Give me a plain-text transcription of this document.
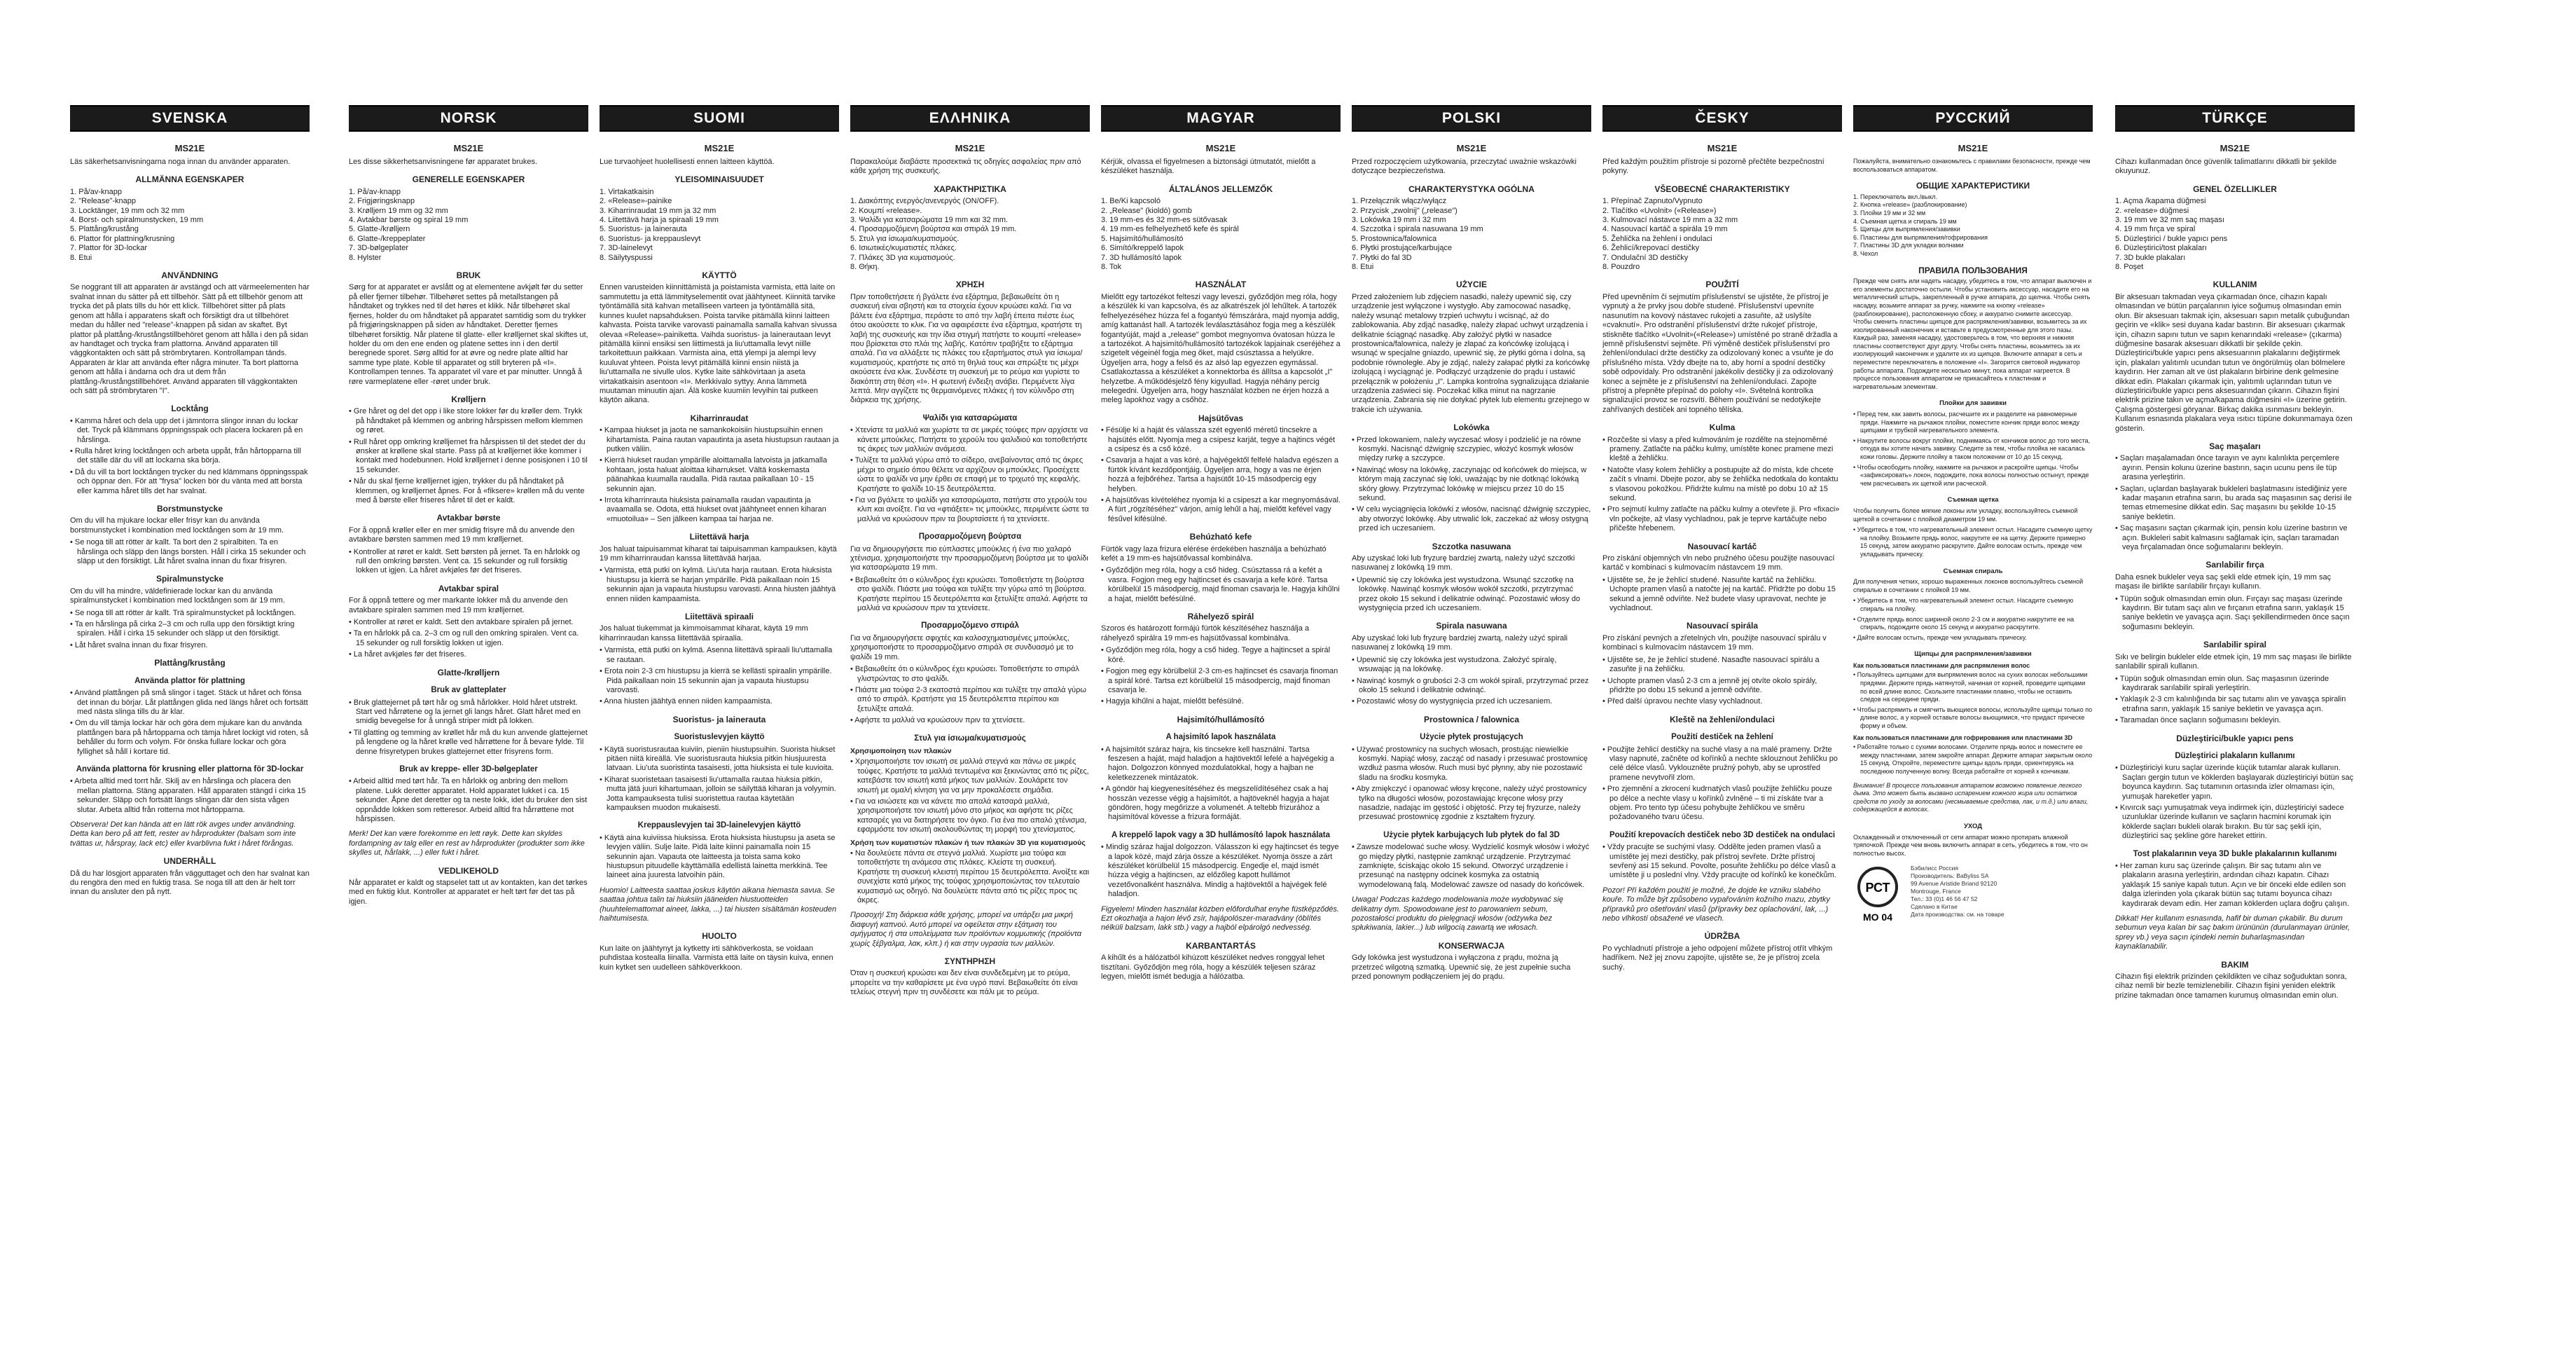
SVENSKA
MS21E
Läs säkerhetsanvisningarna noga innan du använder apparaten.
ALLMÄNNA EGENSKAPER
1. På/av-knapp
2. "Release"-knapp
3. Locktänger, 19 mm och 32 mm
4. Borst- och spiralmunstycken, 19 mm
5. Plattång/krustång
6. Plattor för plattning/krusning
7. Plattor för 3D-lockar
8. Etui
ANVÄNDNING
Se noggrant till att apparaten är avstängd och att värmeelementen har svalnat innan du sätter på ett tillbehör. Sätt på ett tillbehör genom att trycka det på plats tills du hör ett klick. Tillbehöret sitter på plats genom att hålla i apparatens skaft och försiktigt dra ut tillbehöret medan du håller ned "release"-knappen på sidan av skaftet. Byt plattor på plattång-/krustångstillbehöret genom att hålla i den på sidan av handtaget och trycka fram plattorna. Använd apparaten till väggkontakten och sätt på strömbrytaren. Kontrollampan tänds. Apparaten är klar att använda efter några minuter. Ta bort plattorna genom att hålla i ändarna och dra ut dem från plattång-/krustångstillbehöret. Använd apparaten till väggkontakten och sätt på strömbrytaren "I".
Locktång
• Kamma håret och dela upp det i jämntorra slingor innan du lockar det. Tryck på klämmans öppningsspak och placera lockaren på en hårslinga.
• Rulla håret kring locktången och arbeta uppåt, från hårtopparna till det ställe där du vill att lockarna ska börja.
• Då du vill ta bort locktången trycker du ned klämmans öppningsspak och öppnar den. För att "frysa" locken bör du vänta med att borsta eller kamma håret tills det har svalnat.
Borstmunstycke
Om du vill ha mjukare lockar eller frisyr kan du använda borstmunstycket i kombination med locktången som är 19 mm.
• Se noga till att rötter är kallt. Ta bort den 2 spiralbiten. Ta en hårslinga och släpp den längs borsten. Håll i cirka 15 sekunder och släpp ut den försiktigt. Låt håret svalna innan du fixar frisyren.
Spiralmunstycke
Om du vill ha mindre, väldefinierade lockar kan du använda spiralmunstycket i kombination med locktången som är 19 mm.
• Se noga till att rötter är kallt. Trä spiralmunstycket på locktången.
• Ta en hårslinga på cirka 2–3 cm och rulla upp den försiktigt kring spiralen. Håll i cirka 15 sekunder och släpp ut den försiktigt.
• Låt håret svalna innan du fixar frisyren.
Plattång/krustång
Använda plattor för plattning
• Använd plattången på små slingor i taget. Stäck ut håret och fönsa det innan du börjar. Låt plattången glida ned längs håret och fortsätt med nästa slinga tills du är klar.
• Om du vill tämja lockar här och göra dem mjukare kan du använda plattången bara på hårtopparna och tämja håret lockigt vid roten, så behåller du form och volym. För önska fullare lockar och göra fyllighet så håll i kortare tid.
Använda plattorna för krusning eller plattorna för 3D-lockar
• Arbeta alltid med torrt hår. Skilj av en hårslinga och placera den mellan plattorna. Stäng apparaten. Håll apparaten stängd i cirka 15 sekunder. Släpp och fortsätt längs slingan där den sista vågen slutar. Arbeta alltid från rotterna mot hårtopparna.
Observera! Det kan hända att en lätt rök avges under användning. Detta kan bero på att fett, rester av hårprodukter (balsam som inte tvättas ur, hårspray, lack etc) eller kvarblivna fukt i håret förångas.
UNDERHÅLL
Då du har lösgjort apparaten från vägguttaget och den har svalnat kan du rengöra den med en fuktig trasa. Se noga till att den är helt torr innan du ansluter den på nytt.
NORSK
MS21E
Les disse sikkerhetsanvisningene før apparatet brukes.
GENERELLE EGENSKAPER
1. På/av-knapp
2. Frigjøringsknapp
3. Krølljern 19 mm og 32 mm
4. Avtakbar børste og spiral 19 mm
5. Glatte-/krølljern
6. Glatte-/kreppeplater
7. 3D-bølgeplater
8. Hylster
BRUK
Sørg for at apparatet er avslått og at elementene avkjølt før du setter på eller fjerner tilbehør. Tilbehøret settes på metallstangen på håndtaket og trykkes ned til det høres et klikk. Når tilbehøret skal fjernes, holder du om håndtaket på apparatet samtidig som du trykker på frigjøringsknappen på siden av håndtaket. Deretter fjernes tilbehøret forsiktig. Når platene til glatte- eller krølljernet skal skiftes ut, holder du om den ene enden og platene settes inn i den dertil beregnede sporet. Sørg alltid for at øvre og nedre plate alltid har samme type plate. Koble til apparatet og still bryteren på «I». Kontrollampen tennes. Ta apparatet vil vare et par minutter. Unngå å røre varmeplatene eller -røret under bruk.
Krølljern
• Gre håret og del det opp i like store lokker før du krøller dem. Trykk på håndtaket på klemmen og anbring hårspissen mellom klemmen og røret.
• Rull håret opp omkring krølljernet fra hårspissen til det stedet der du ønsker at krøllene skal starte. Pass på at krølljernet ikke kommer i kontakt med hodebunnen. Hold krølljernet i denne posisjonen i 10 til 15 sekunder.
• Når du skal fjerne krølljernet igjen, trykker du på håndtaket på klemmen, og krølljernet åpnes. For å «fiksere» krøllen må du vente med å børste eller friseres håret til det er kaldt.
Avtakbar børste
For å oppnå krøller eller en mer smidig frisyre må du anvende den avtakbare børsten sammen med 19 mm krølljernet.
• Kontroller at røret er kaldt. Sett børsten på jernet. Ta en hårlokk og rull den omkring børsten. Vent ca. 15 sekunder og rull forsiktig lokken ut igjen. La håret avkjøles før det friseres.
Avtakbar spiral
For å oppnå tettere og mer markante lokker må du anvende den avtakbare spiralen sammen med 19 mm krølljernet.
• Kontroller at røret er kaldt. Sett den avtakbare spiralen på jernet.
• Ta en hårlokk på ca. 2–3 cm og rull den omkring spiralen. Vent ca. 15 sekunder og rull forsiktig lokken ut igjen.
• La håret avkjøles før det friseres.
Glatte-/krølljern
Bruk av glatteplater
• Bruk glattejernet på tørt hår og små hårlokker. Hold håret utstrekt. Start ved hårrøtene og la jernet gli langs håret. Glatt håret med en smidig bevegelse for å unngå striper midt på lokken.
• Til glatting og temming av krøllet hår må du kun anvende glattejernet på lengdene og la håret krølle ved hårrøttene for å bevare fylde. Til denne frisyretypen brukes glattejernet etter frisyrens form.
Bruk av kreppe- eller 3D-bølgeplater
• Arbeid alltid med tørt hår. Ta en hårlokk og anbring den mellom platene. Lukk deretter apparatet. Hold apparatet lukket i ca. 15 sekunder. Åpne det deretter og ta neste lokk, idet du bruker den sist oppnådde lokken som retteresor. Arbeid alltid fra hårrøttene mot hårspissen.
Merk! Det kan være forekomme en lett røyk. Dette kan skyldes fordampning av talg eller en rest av hårprodukter (produkter som ikke skylles ut, hårlakk, ...) eller fukt i håret.
VEDLIKEHOLD
Når apparatet er kaldt og stapselet tatt ut av kontakten, kan det tørkes med en fuktig klut. Kontroller at apparatet er helt tørt før det tas på igjen.
SUOMI
MS21E
Lue turvaohjeet huolellisesti ennen laitteen käyttöä.
YLEISOMINAISUUDET
1. Virtakatkaisin
2. «Release»-painike
3. Kiharrinraudat 19 mm ja 32 mm
4. Liitettävä harja ja spiraali 19 mm
5. Suoristus- ja lainerauta
6. Suoristus- ja kreppauslevyt
7. 3D-lainelevyt
8. Säilytyspussi
KÄYTTÖ
Ennen varusteiden kiinnittämistä ja poistamista varmista, että laite on sammutettu ja että lämmityselementit ovat jäähtyneet. Kiinnitä tarvike työntämällä sitä kahvan metalliseen varteen ja työntämällä sitä, kunnes kuulet napsahduksen. Poista tarvike pitämällä kiinni laitteen kahvasta. Poista tarvike varovasti painamalla samalla kahvan sivussa olevaa «Release»-painiketta. Vaihda suoristus- ja lainerautaan levyt pitämällä kiinni ensiksi sen liittimestä ja liu'uttamalla levyt niille tarkoitettuun paikkaan. Varmista aina, että ylempi ja alempi levy kuuluvat yhteen. Poista levyt pitämällä kiinni ensin niistä ja liu'uttamalla ne sivulle ulos. Kytke laite sähkövirtaan ja aseta virtakatkaisin asentoon «I». Merkkivalo syttyy. Anna lämmetä muutaman minuutin ajan. Älä koske kuumiin levyihin tai putkeen käytön aikana.
Kiharrinraudat
• Kampaa hiukset ja jaota ne samankokoisiin hiustupsuihin ennen kihartamista. Paina rautan vapautinta ja aseta hiustupsun rautaan ja putken väliin.
• Kierrä hiukset raudan ympärille aloittamalla latvoista ja jatkamalla kohtaan, josta haluat aloittaa kiharrukset. Vältä koskemasta päänahkaa kuumalla raudalla. Pidä rautaa paikallaan 10 - 15 sekunnin ajan.
• Irrota kiharrinrauta hiuksista painamalla raudan vapautinta ja avaamalla se. Odota, että hiukset ovat jäähtyneet ennen kiharan «muotoilua» – Sen jälkeen kampaa tai harjaa ne.
Liitettävä harja
Jos haluat taipuisammat kiharat tai taipuisamman kampauksen, käytä 19 mm kiharrinraudan kanssa liitettävää harjaa.
• Varmista, että putki on kylmä. Liu'uta harja rautaan. Erota hiuksista hiustupsu ja kierrä se harjan ympärille. Pidä paikallaan noin 15 sekunnin ajan ja vapauta hiustupsu varovasti. Anna hiusten jäähtyä ennen niiden kampaamista.
Liitettävä spiraali
Jos haluat tiukemmat ja kimmoisammat kiharat, käytä 19 mm kiharrinraudan kanssa liitettävää spiraalia.
• Varmista, että putki on kylmä. Asenna liitettävä spiraali liu'uttamalla se rautaan.
• Erota noin 2-3 cm hiustupsu ja kierrä se kellästi spiraalin ympärille. Pidä paikallaan noin 15 sekunnin ajan ja vapauta hiustupsu varovasti.
• Anna hiusten jäähtyä ennen niiden kampaamista.
Suoristus- ja lainerauta
Suoristuslevyjen käyttö
• Käytä suoristusrautaa kuiviin, pieniin hiustupsuihin. Suorista hiukset pitäen niitä kireällä. Vie suoristusrauta hiuksia pitkin hiusjuuresta latvaan. Liu'uta suoristinta tasaisesti, jotta hiuksista ei tule kuvioita.
• Kiharat suoristetaan tasaisesti liu'uttamalla rautaa hiuksia pitkin, mutta jätä juuri kihartumaan, jolloin se säilyttää kiharan ja volyymin. Jotta kampauksesta tulisi suoristettua rautaa käytetään kampauksen muodon mukaisesti.
Kreppauslevyjen tai 3D-lainelevyjen käyttö
• Käytä aina kuiviissa hiuksissa. Erota hiuksista hiustupsu ja aseta se levyjen väliin. Sulje laite. Pidä laite kiinni painamalla noin 15 sekunnin ajan. Vapauta ote laitteesta ja toista sama koko hiustupsun pituudelle käyttämällä edellistä lainetta merkkinä. Tee laineet aina juuresta latvoihin päin.
Huomio! Laitteesta saattaa joskus käytön aikana hiemasta savua. Se saattaa johtua talin tai hiuksiin jääneiden hiustuotteiden (huuhtelemattomat aineet, lakka, ...) tai hiusten sisältämän kosteuden haihtumisesta.
HUOLTO
Kun laite on jäähtynyt ja kytketty irti sähköverkosta, se voidaan puhdistaa kostealla liinalla. Varmista että laite on täysin kuiva, ennen kuin kytket sen uudelleen sähköverkkoon.
ΕΛΛΗΝΙΚΑ
MS21E
Παρακαλούμε διαβάστε προσεκτικά τις οδηγίες ασφαλείας πριν από κάθε χρήση της συσκευής.
ΧΑΡΑΚΤΗΡΙΣΤΙΚΑ
1. Διακόπτης ενεργός/ανενεργός (ON/OFF).
2. Κουμπί «release».
3. Ψαλίδι για κατσαρώματα 19 mm και 32 mm.
4. Προσαρμοζόμενη βούρτσα και σπιράλ 19 mm.
5. Στυλ για ίσιωμα/κυματισμούς.
6. Ισιωτικές/κυματιστές πλάκες.
7. Πλάκες 3D για κυματισμούς.
8. Θήκη.
ΧΡΗΣΗ
Πριν τοποθετήσετε ή βγάλετε ένα εξάρτημα, βεβαιωθείτε ότι η συσκευή είναι σβηστή και τα στοιχεία έχουν κρυώσει καλά. Για να βάλετε ένα εξάρτημα, περάστε το από την λαβή έπειτα πιέστε έως ότου ακούσετε το κλικ. Για να αφαιρέσετε ένα εξάρτημα, κρατήστε τη λαβή της συσκευής και την ίδια στιγμή πατήστε το κουμπί «release» που βρίσκεται στο πλάι της λαβής. Κατόπιν τραβήξτε το εξάρτημα απαλά. Για να αλλάξετε τις πλάκες του εξαρτήματος στυλ για ίσιωμα/κυματισμούς, κρατήστε τις από τη θηλιά τους και σπρώξτε τις μέχρι ακούσετε ένα κλικ. Συνδέστε τη συσκευή με το ρεύμα και γυρίστε το διακόπτη στη θέση «I». Η φωτεινή ένδειξη ανάβει. Περιμένετε λίγα λεπτά. Μην αγγίζετε τις θερμαινόμενες πλάκες ή τον κύλινδρο στη διάρκεια της χρήσης.
Ψαλίδι για κατσαρώματα
• Χτενίστε τα μαλλιά και χωρίστε τα σε μικρές τούφες πριν αρχίσετε να κάνετε μπούκλες. Πατήστε το χερούλι του ψαλιδιού και τοποθετήστε τις άκρες των μαλλιών ανάμεσα.
• Τυλίξτε τα μαλλιά γύρω από το σίδερο, ανεβαίνοντας από τις άκρες μέχρι το σημείο όπου θέλετε να αρχίζουν οι μπούκλες. Προσέχετε ώστε το ψαλίδι να μην έρθει σε επαφή με το τριχωτό της κεφαλής. Κρατήστε το ψαλίδι 10-15 δευτερόλεπτα.
• Για να βγάλετε το ψαλίδι για κατσαρώματα, πατήστε στο χερούλι του κλιπ και ανοίξτε. Για να «φτιάξετε» τις μπούκλες, περιμένετε ώστε τα μαλλιά να κρυώσουν πριν τα βουρτσίσετε ή τα χτενίσετε.
Προσαρμοζόμενη βούρτσα
Για να δημιουργήσετε πιο εύπλαστες μπούκλες ή ένα πιο χαλαρό χτένισμα, χρησιμοποιήστε την προσαρμοζόμενη βούρτσα με το ψαλίδι για κατσαρώματα 19 mm.
• Βεβαιωθείτε ότι ο κύλινδρος έχει κρυώσει. Τοποθετήστε τη βούρτσα στο ψαλίδι. Πιάστε μια τούφα και τυλίξτε την γύρω από τη βούρτσα. Κρατήστε περίπου 15 δευτερόλεπτα και ξετυλίξτε απαλά. Αφήστε τα μαλλιά να κρυώσουν πριν τα χτενίσετε.
Προσαρμοζόμενο σπιράλ
Για να δημιουργήσετε σφιχτές και καλοσχηματισμένες μπούκλες, χρησιμοποιήστε το προσαρμοζόμενο σπιράλ σε συνδυασμό με το ψαλίδι 19 mm.
• Βεβαιωθείτε ότι ο κύλινδρος έχει κρυώσει. Τοποθετήστε το σπιράλ γλιστρώντας το στο ψαλίδι.
• Πιάστε μια τούφα 2-3 εκατοστά περίπου και τυλίξτε την απαλά γύρω από το σπιράλ. Κρατήστε για 15 δευτερόλεπτα περίπου και ξετυλίξτε απαλά.
• Αφήστε τα μαλλιά να κρυώσουν πριν τα χτενίσετε.
Στυλ για ίσιωμα/κυματισμούς
Χρησιμοποίηση των πλακών
• Χρησιμοποιήστε τον ισιωτή σε μαλλιά στεγνά και πάνω σε μικρές τούφες. Κρατήστε τα μαλλιά τεντωμένα και ξεκινώντας από τις ρίζες, κατεβάστε τον ισιωτή κατά μήκος των μαλλιών. Σουλάρετε τον ισιωτή με ομαλή κίνηση για να μην προκαλέσετε σημάδια.
• Για να ισιώσετε και να κάνετε πιο απαλά κατσαρά μαλλιά, χρησιμοποιήστε τον ισιωτή μόνο στο μήκος και αφήστε τις ρίζες κατσαρές για να διατηρήσετε τον όγκο. Για ένα πιο απαλό χτένισμα, εφαρμόστε τον ισιωτή ακολουθώντας τη μορφή του χτενίσματος.
Χρήση των κυματιστών πλακών ή των πλακών 3D για κυματισμούς
• Να δουλεύετε πάντα σε στεγνά μαλλιά. Χωρίστε μια τούφα και τοποθετήστε τη ανάμεσα στις πλάκες. Κλείστε τη συσκευή. Κρατήστε τη συσκευή κλειστή περίπου 15 δευτερόλεπτα. Ανοίξτε και συνεχίστε κατά μήκος της τούφας χρησιμοποιώντας τον τελευταίο κυματισμό ως οδηγό. Να δουλεύετε πάντα από τις ρίζες προς τις άκρες.
Προσοχή! Στη διάρκεια κάθε χρήσης, μπορεί να υπάρξει μια μικρή διαφυγή καπνού. Αυτό μπορεί να οφείλεται στην εξάτμιση του σμήγματος ή στα υπολείμματα των προϊόντων κομμωτικής (προϊόντα χωρίς ξέβγαλμα, λακ, κλπ.) ή και στην υγρασία των μαλλιών.
ΣΥΝΤΗΡΗΣΗ
Όταν η συσκευή κρυώσει και δεν είναι συνδεδεμένη με το ρεύμα, μπορείτε να την καθαρίσετε με ένα υγρό πανί. Βεβαιωθείτε ότι είναι τελείως στεγνή πριν τη συνδέσετε και πάλι με το ρεύμα.
MAGYAR
MS21E
Kérjük, olvassa el figyelmesen a biztonsági útmutatót, mielőtt a készüléket használja.
ÁLTALÁNOS JELLEMZŐK
1. Be/Ki kapcsoló
2. „Release" (kioldó) gomb
3. 19 mm-es és 32 mm-es sütővasak
4. 19 mm-es felhelyezhető kefe és spirál
5. Hajsimító/hullámosító
6. Simító/kreppelő lapok
7. 3D hullámosító lapok
8. Tok
HASZNÁLAT
Mielőtt egy tartozékot felteszi vagy leveszi, győződjön meg róla, hogy a készülék ki van kapcsolva, és az alkatrészek jól lehűltek. A tartozék felhelyezéséhez húzza fel a fogantyú fémszárára, majd nyomja addig, amíg kattanást hall. A tartozék leválasztásához fogja meg a készülék fogantyúját, majd a „release" gombot megnyomva óvatosan húzza le a tartozékot. A hajsimító/hullámosító tartozékok lapjainak cseréjéhez a szigetelt végeinél fogja meg őket, majd csúsztassa a helyükre. Ügyeljen arra, hogy a felső és az alsó lap egyezzen egymással. Csatlakoztassa a készüléket a konnektorba és állítsa a kapcsolót „I" helyzetbe. A működésjelző fény kigyullad. Hagyja néhány percig melegedni. Ügyeljen arra, hogy használat közben ne érjen hozzá a meleg lapokhoz vagy a csőhöz.
Hajsütővas
• Fésülje ki a haját és válassza szét egyenlő méretű tincsekre a hajsütés előtt. Nyomja meg a csipesz karját, tegye a hajtincs végét a csipesz és a cső közé.
• Csavarja a hajat a vas köré, a hajvégektől felfelé haladva egészen a fürtök kívánt kezdőpontjáig. Ügyeljen arra, hogy a vas ne érjen hozzá a fejbőréhez. Tartsa a hajsütőt 10-15 másodpercig egy helyben.
• A hajsütővas kivételéhez nyomja ki a csipeszt a kar megnyomásával. A fürt „rögzítéséhez" várjon, amíg lehűl a haj, mielőtt kefével vagy fésűvel kifésülné.
Behúzható kefe
Fürtök vagy laza frizura elérése érdekében használja a behúzható kefét a 19 mm-es hajsütővassal kombinálva.
• Győződjön meg róla, hogy a cső hideg. Csúsztassa rá a kefét a vasra. Fogjon meg egy hajtincset és csavarja a kefe köré. Tartsa körülbelül 15 másodpercig, majd finoman csavarja le. Hagyja kihűlni a hajat, mielőtt befésülné.
Ráhelyező spirál
Szoros és határozott formájú fürtök készítéséhez használja a ráhelyező spirálra 19 mm-es hajsütővassal kombinálva.
• Győződjön meg róla, hogy a cső hideg. Tegye a hajtincset a spirál köré.
• Fogjon meg egy körülbelül 2-3 cm-es hajtincset és csavarja finoman a spirál köré. Tartsa ezt körülbelül 15 másodpercig, majd finoman csavarja le.
• Hagyja kihűlni a hajat, mielőtt befésülné.
Hajsimító/hullámosító
A hajsimító lapok használata
• A hajsimítót száraz hajra, kis tincsekre kell használni. Tartsa feszesen a haját, majd haladjon a hajtövektől lefelé a hajvégekig a hajon. Dolgozzon könnyed mozdulatokkal, hogy a hajban ne keletkezzenek mintázatok.
• A göndör haj kiegyenesítéséhez és megszelídítéséhez csak a haj hosszán vezesse végig a hajsimítót, a hajtöveknél hagyja a hajat göndören, hogy megőrizze a volumenét. A teltebb frizurához a hajsimítóval kövesse a frizura formáját.
A kreppelő lapok vagy a 3D hullámosító lapok használata
• Mindig száraz hajjal dolgozzon. Válasszon ki egy hajtincset és tegye a lapok közé, majd zárja össze a készüléket. Nyomja össze a zárt készüléket körülbelül 15 másodpercig. Engedje el, majd ismét húzza végig a hajtincsen, az előzőleg kapott hullámot vezetővonalként használva. Mindig a hajtövektől a hajvégek felé haladjon.
Figyelem! Minden használat közben előfordulhat enyhe füstképződés. Ezt okozhatja a hajon lévő zsír, hajápolószer-maradvány (öblítés nélküli balzsam, lakk stb.) vagy a hajból elpárolgó nedvesség.
KARBANTARTÁS
A kihűlt és a hálózatból kihúzott készüléket nedves ronggyal lehet tisztítani. Győződjön meg róla, hogy a készülék teljesen száraz legyen, mielőtt ismét bedugja a hálózatba.
POLSKI
MS21E
Przed rozpoczęciem użytkowania, przeczytać uważnie wskazówki dotyczące bezpieczeństwa.
CHARAKTERYSTYKA OGÓLNA
1. Przełącznik włącz/wyłącz
2. Przycisk „zwolnij" („release")
3. Lokówka 19 mm i 32 mm
4. Szczotka i spirala nasuwana 19 mm
5. Prostownica/falownica
6. Płytki prostujące/karbujące
7. Płytki do fal 3D
8. Etui
UŻYCIE
Przed założeniem lub zdjęciem nasadki, należy upewnić się, czy urządzenie jest wyłączone i wystygło. Aby zamocować nasadkę, należy wsunąć metalowy trzpień uchwytu i wcisnąć, aż do zablokowania. Aby zdjąć nasadkę, należy złapać uchwyt urządzenia i delikatnie ściągnąć nasadkę. Aby założyć płytki w nasadce prostownica/falownica, należy je złapać za końcówkę izolującą i wsunąć w specjalne gniazdo, upewnić się, że płytki górna i dolna, są podobnie równoległe. Aby je zdjąć, należy załapać płytki za końcówkę izolującą i wyciągnąć je. Podłączyć urządzenie do prądu i ustawić przełącznik w położeniu „I". Lampka kontrolna sygnalizująca działanie urządzenia zaświeci się. Poczekać kilka minut na nagrzanie urządzenia. Zabrania się nie dotykać płytek lub elementu grzejnego w trakcie ich używania.
Lokówka
• Przed lokowaniem, należy wyczesać włosy i podzielić je na równe kosmyki. Nacisnąć dźwignię szczypiec, włożyć kosmyk włosów między rurkę a szczypce.
• Nawinąć włosy na lokówkę, zaczynając od końcówek do miejsca, w którym mają zaczynać się loki, uważając by nie dotknąć lokówką skóry głowy. Przytrzymać lokówkę w miejscu przez 10 do 15 sekund.
• W celu wyciągnięcia lokówki z włosów, nacisnąć dźwignię szczypiec, aby otworzyć lokówkę. Aby utrwalić lok, zaczekać aż włosy ostygną przed ich uczesaniem.
Szczotka nasuwana
Aby uzyskać loki lub fryzurę bardziej zwartą, należy użyć szczotki nasuwanej z lokówką 19 mm.
• Upewnić się czy lokówka jest wystudzona. Wsunąć szczotkę na lokówkę. Nawinąć kosmyk włosów wokół szczotki, przytrzymać przez około 15 sekund i delikatnie odwinąć. Pozostawić włosy do wystygnięcia przed ich uczesaniem.
Spirala nasuwana
Aby uzyskać loki lub fryzurę bardziej zwartą, należy użyć spirali nasuwanej z lokówką 19 mm.
• Upewnić się czy lokówka jest wystudzona. Założyć spiralę, wsuwając ją na lokówkę.
• Nawinąć kosmyk o grubości 2-3 cm wokół spirali, przytrzymać przez około 15 sekund i delikatnie odwinąć.
• Pozostawić włosy do wystygnięcia przed ich uczesaniem.
Prostownica / falownica
Użycie płytek prostujących
• Używać prostownicy na suchych włosach, prostując niewielkie kosmyki. Napiąć włosy, zacząć od nasady i przesuwać prostownicę wzdłuż pasma włosów. Ruch musi być płynny, aby nie pozostawić śladu na środku kosmyka.
• Aby zmiękczyć i opanować włosy kręcone, należy użyć prostownicy tylko na długości włosów, pozostawiając kręcone włosy przy nasadzie, nadając im gęstość i objętość. Przy tej fryzurze, należy przesuwać prostownicę zgodnie z kształtem fryzury.
Użycie płytek karbujących lub płytek do fal 3D
• Zawsze modelować suche włosy. Wydzielić kosmyk włosów i włożyć go między płytki, następnie zamknąć urządzenie. Przytrzymać zamknięte, ściskając około 15 sekund. Otworzyć urządzenie i przesunąć na następny odcinek kosmyka za ostatnią wymodelowaną falą. Modelować zawsze od nasady do końcówek.
Uwaga! Podczas każdego modelowania może wydobywać się delikatny dym. Spowodowane jest to parowaniem sebum, pozostałości produktu do pielęgnacji włosów (odżywka bez spłukiwania, lakier...) lub wilgocią zawartą we włosach.
KONSERWACJA
Gdy lokówka jest wystudzona i wyłączona z prądu, można ją przetrzeć wilgotną szmatką. Upewnić się, że jest zupełnie sucha przed ponownym podłączeniem jej do prądu.
ČESKY
MS21E
Před každým použitím přístroje si pozorně přečtěte bezpečnostní pokyny.
VŠEOBECNÉ CHARAKTERISTIKY
1. Přepínač Zapnuto/Vypnuto
2. Tlačítko «Uvolnit» («Release»)
3. Kulmovací nástavce 19 mm a 32 mm
4. Nasouvací kartáč a spirála 19 mm
5. Žehlička na žehlení i ondulaci
6. Žehlicí/krepovací destičky
7. Ondulační 3D destičky
8. Pouzdro
POUŽITÍ
Před upevněním či sejmutím příslušenství se ujistěte, že přístroj je vypnutý a že prvky jsou dobře studené. Příslušenství upevníte nasunutím na kovový nástavec rukojeti a zasuňte, až uslyšíte «cvaknutí». Pro odstranění příslušenství držte rukojeť přístroje, stiskněte tlačítko «Uvolnit»(«Release») umístěné po straně držadla a jemně příslušenství sejměte. Při výměně destiček příslušenství pro žehlení/ondulaci držte destičky za odizolovaný konec a vsuňte je do příslušného místa. Vždy dbejte na to, aby horní a spodní destičky sobě odpovídaly. Pro odstranění jakékoliv destičky ji za odizolovaný konec a sejměte je z příslušenství na žehlení/ondulaci. Zapojte přístroj a přepněte přepínač do polohy «I». Světelná kontrolka signalizující provoz se rozsvítí. Během používání se nedotýkejte zahřívaných destiček ani topného tělíska.
Kulma
• Rozčešte si vlasy a před kulmováním je rozdělte na stejnoměrné prameny. Zatlačte na páčku kulmy, umístěte konec pramene mezi kleště a žehličku.
• Natočte vlasy kolem žehličky a postupujte až do místa, kde chcete začít s vlnami. Dbejte pozor, aby se žehlička nedotkala do kontaktu s vlasovou pokožkou. Přidržte kulmu na místě po dobu 10 až 15 sekund.
• Pro sejmutí kulmy zatlačte na páčku kulmy a otevřete ji. Pro «fixaci» vln počkejte, až vlasy vychladnou, pak je teprve kartáčujte nebo přičešte hřebenem.
Nasouvací kartáč
Pro získání objemných vln nebo pružného účesu použijte nasouvací kartáč v kombinaci s kulmovacím nástavcem 19 mm.
• Ujistěte se, že je žehlicí studené. Nasuňte kartáč na žehličku. Uchopte pramen vlasů a natočte jej na kartáč. Přidržte po dobu 15 sekund a jemně odvíňte. Než budete vlasy upravovat, nechte je vychladnout.
Nasouvací spirála
Pro získání pevných a zřetelných vln, použijte nasouvací spirálu v kombinaci s kulmovacím nástavcem 19 mm.
• Ujistěte se, že je žehlicí studené. Nasaďte nasouvací spirálu a zasuňte ji na žehličku.
• Uchopte pramen vlasů 2-3 cm a jemně jej otvíte okolo spirály, přidržte po dobu 15 sekund a jemně odvíňte.
• Před další úpravou nechte vlasy vychladnout.
Kleště na žehlení/ondulaci
Použití destiček na žehlení
• Použijte žehlicí destičky na suché vlasy a na malé prameny. Držte vlasy napnuté, začněte od kořínků a nechte sklouznout žehličku po celé délce vlasů. Vyklouzněte pružný pohyb, aby se uprostřed pramene nevytvořil zlom.
• Pro zjemnění a zkrocení kudrnatých vlasů použijte žehličku pouze po délce a nechte vlasy u kořínků zvlněné – ti mi získáte tvar a objem. Pro tento typ účesu pohybujte žehličkou ve směru požadovaného tvaru účesu.
Použití krepovacích destiček nebo 3D destiček na ondulaci
• Vždy pracujte se suchými vlasy. Oddělte jeden pramen vlasů a umístěte jej mezi destičky, pak přístroj sevřete. Držte přístroj sevřený asi 15 sekund. Povolte, posuňte žehličku po délce vlasů a umístěte ji u poslední vlny. Vždy pracujte od kořínků ke konečkům.
Pozor! Při každém použití je možné, že dojde ke vzniku slabého kouře. To může být způsobeno vypařováním kožního mazu, zbytky přípravků pro ošetřování vlasů (přípravky bez oplachování, lak, ...) nebo vlhkostí obsažené ve vlasech.
ÚDRŽBA
Po vychladnutí přístroje a jeho odpojení můžete přístroj otřít vlhkým hadříkem. Než jej znovu zapojíte, ujistěte se, že je přístroj zcela suchý.
РУССКИЙ
MS21E
Пожалуйста, внимательно ознакомьтесь с правилами безопасности, прежде чем воспользоваться аппаратом.
ОБЩИЕ ХАРАКТЕРИСТИКИ
1. Переключатель вкл./выкл.
2. Кнопка «release» (разблокирование)
3. Плойки 19 мм и 32 мм
4. Съемная щетка и спираль 19 мм
5. Щипцы для выпрямления/завивки
6. Пластины для выпрямления/гофрирования
7. Пластины 3D для укладки волнами
8. Чехол
ПРАВИЛА ПОЛЬЗОВАНИЯ
Прежде чем снять или надеть насадку, убедитесь в том, что аппарат выключен и его элементы достаточно остыли. Чтобы установить аксессуар, насадите его на металлический штырь, закрепленный в ручке аппарата, до щелчка. Чтобы снять насадку, возьмите аппарат за ручку, нажмите на кнопку «release» (разблокирование), расположенную сбоку, и аккуратно снимите аксессуар. Чтобы сменить пластины щипцов для распрямления/завивки, возьмитесь за их изолированный наконечник и вставьте в предусмотренные для этого пазы. Каждый раз, заменяя насадку, удостоверьтесь в том, что верхняя и нижняя пластины соответствуют друг другу. Чтобы снять пластины, возьмитесь за их изолирующий наконечник и удалите их из щипцов. Включите аппарат в сеть и переместите переключатель в положение «I». Загорится световой индикатор работы аппарата. Подождите несколько минут, пока аппарат нагреется. В процессе пользования аппаратом не прикасайтесь к пластинам и нагревательным элементам.
Плойки для завивки
• Перед тем, как завить волосы, расчешите их и разделите на равномерные пряди. Нажмите на рычажок плойки, поместите кончик пряди волос между щипцами и трубкой нагревательного элемента.
• Накрутите волосы вокруг плойки, поднимаясь от кончиков волос до того места, откуда вы хотите начать завивку. Следите за тем, чтобы плойка не касалась кожи головы. Держите плойку в таком положении от 10 до 15 секунд.
• Чтобы освободить плойку, нажмите на рычажок и раскройте щипцы. Чтобы «зафиксировать» локон, подождите, пока волосы полностью остынут, прежде чем расчесывать их щеткой или расческой.
Съемная щетка
Чтобы получить более мягкие локоны или укладку, воспользуйтесь съемной щеткой в сочетании с плойкой диаметром 19 мм.
• Убедитесь в том, что нагревательный элемент остыл. Насадите съемную щетку на плойку. Возьмите прядь волос, накрутите ее на щетку. Держите примерно 15 секунд, затем аккуратно раскрутите. Дайте волосам остыть, прежде чем укладывать прическу.
Съемная спираль
Для получения четких, хорошо выраженных локонов воспользуйтесь съемной спиралью в сочетании с плойкой 19 мм.
• Убедитесь в том, что нагревательный элемент остыл. Насадите съемную спираль на плойку.
• Отделите прядь волос шириной около 2-3 см и аккуратно накрутите ее на спираль, подождите около 15 секунд и аккуратно раскрутите.
• Дайте волосам остыть, прежде чем укладывать прическу.
Щипцы для распрямления/завивки
Как пользоваться пластинами для распрямления волос
• Пользуйтесь щипцами для выпрямления волос на сухих волосах небольшими прядями. Держите прядь натянутой, начиная от корней, проведите щипцами по всей длине волос. Скользите пластинами плавно, чтобы не оставить следов на середине пряди.
• Чтобы распрямить и смягчить вьющиеся волосы, используйте щипцы только по длине волос, а у корней оставьте волосы вьющимися, что придаст прическе форму и объем.
Как пользоваться пластинами для гофрирования или пластинами 3D
• Работайте только с сухими волосами. Отделите прядь волос и поместите ее между пластинами, затем закройте аппарат. Держите аппарат закрытым около 15 секунд. Откройте, переместите щипцы вдоль пряди, ориентируясь на последнюю полученную волну. Всегда работайте от корней к кончикам.
Внимание! В процессе пользования аппаратом возможно появление легкого дыма. Это может быть вызвано испарением кожного жира или остатков средств по уходу за волосами (несмываемые средства, лак, и т.д.) или влаги, содержащейся в волосах.
УХОД
Охлажденный и отключенный от сети аппарат можно протирать влажной тряпочкой. Прежде чем вновь включить аппарат в сеть, убедитесь в том, что он полностью высох.
РСТ
МО 04
Бэбилисс Россия
Производитель: BaByliss SA
99 Avenue Aristide Briand 92120
Montrouge, France
Тел.: 33 (0)1 46 56 47 52
Сделано в Китае
Дата производства: см. на товаре
TÜRKÇE
MS21E
Cihazı kullanmadan önce güvenlik talimatlarını dikkatli bir şekilde okuyunuz.
GENEL ÖZELLIKLER
1. Açma /kapama düğmesi
2. «release» düğmesi
3. 19 mm ve 32 mm saç maşası
4. 19 mm fırça ve spiral
5. Düzleştirici / bukle yapıcı pens
6. Düzleştirici/tost plakaları
7. 3D bukle plakaları
8. Poşet
KULLANIM
Bir aksesuarı takmadan veya çıkarmadan önce, cihazın kapalı olmasından ve bütün parçalarının iyice soğumuş olmasından emin olun. Bir aksesuarı takmak için, aksesuarı sapın metalik çubuğundan geçirin ve «klik» sesi duyana kadar bastırın. Bir aksesuarı çıkarmak için, cihazın sapını tutun ve sapın kenarındaki «release» (çıkarma) düğmesine basarak aksesuarı dikkatli bir şekilde çekin. Düzleştirici/bukle yapıcı pens aksesuarının plakalarını değiştirmek için, plakaları yalıtımlı ucundan tutun ve öngörülmüş olan bölmelere kaydırın. Her zaman alt ve üst plakaların birbirine denk gelmesine dikkat edin. Plakaları çıkarmak için, yalıtımlı uçlarından tutun ve düzleştirici/bukle yapıcı pens aksesuarından çıkarın. Cihazın fişini elektrik prizine takın ve açma/kapama düğmesini «I» üzerine getirin. Çalışma göstergesi göryanar. Birkaç dakika ısınmasını bekleyin. Kullanım esnasında plakalara veya ısıtıcı tüpüne dokunmamaya özen gösterin.
Saç maşaları
• Saçları maşalamadan önce tarayın ve aynı kalınlıkta perçemlere ayırın. Pensin kolunu üzerine bastırın, saçın ucunu pens ile tüp arasına yerleştirin.
• Saçları, uçlardan başlayarak bukleleri başlatmasını istediğiniz yere kadar maşanın etrafına sarın, bu arada saç maşasının saç derisi ile temas etmemesine dikkat edin. Saç maşasını bu şekilde 10-15 saniye bekletin.
• Saç maşasını saçtan çıkarmak için, pensin kolu üzerine bastırın ve açın. Bukleleri sabit kalmasını sağlamak için, saçları taramadan veya fırçalamadan önce soğumalarını bekleyin.
Sarılabilir fırça
Daha esnek bukleler veya saç şekli elde etmek için, 19 mm saç maşası ile birlikte sarılabilir fırçayı kullanın.
• Tüpün soğuk olmasından emin olun. Fırçayı saç maşası üzerinde kaydırın. Bir tutam saçı alın ve fırçanın etrafına sarın, yaklaşık 15 saniye bekletin ve yavaşça açın. Saçı şekillendirmeden önce saçın soğumasını bekleyin.
Sarılabilir spiral
Sıkı ve belirgin bukleler elde etmek için, 19 mm saç maşası ile birlikte sarılabilir spirali kullanın.
• Tüpün soğuk olmasından emin olun. Saç maşasının üzerinde kaydırarak sarılabilir spirali yerleştirin.
• Yaklaşık 2-3 cm kalınlığında bir saç tutamı alın ve yavaşça spiralin etrafına sarın, yaklaşık 15 saniye bekletin ve yavaşça açın.
• Taramadan önce saçların soğumasını bekleyin.
Düzleştirici/bukle yapıcı pens
Düzleştirici plakaların kullanımı
• Düzleştiriciyi kuru saçlar üzerinde küçük tutamlar alarak kullanın. Saçları gergin tutun ve köklerden başlayarak düzleştiriciyi bütün saç boyunca kaydırın. Saç tutamının ortasında izler olmaması için, yumuşak hareketler yapın.
• Kıvırcık saçı yumuşatmak veya indirmek için, düzleştiriciyi sadece uzunluklar üzerinde kullanın ve saçların hacmini korumak için köklerde saçları bukleli olarak bırakın. Bu tür saç şekli için, düzleştirici saç şekline göre hareket ettirin.
Tost plakalarının veya 3D bukle plakalarının kullanımı
• Her zaman kuru saç üzerinde çalışın. Bir saç tutamı alın ve plakaların arasına yerleştirin, ardından cihazı kapatın. Cihazı yaklaşık 15 saniye kapalı tutun. Açın ve bir önceki elde edilen son dalga izlerinden yola çıkarak bütün saç tutamı boyunca cihazı kaydırarak devam edin. Her zaman köklerden uçlara doğru çalışın.
Dikkat! Her kullanım esnasında, hafif bir duman çıkabilir. Bu durum sebumun veya kalan bir saç bakım ürününün (durulanmayan ürünler, sprey vb.) veya saçın içindeki nemin buharlaşmasından kaynaklanabilir.
BAKIM
Cihazın fişi elektrik prizinden çekildikten ve cihaz soğuduktan sonra, cihaz nemli bir bezle temizlenebilir. Cihazın fişini yeniden elektrik prizine takmadan önce tamamen kurumuş olmasından emin olun.
